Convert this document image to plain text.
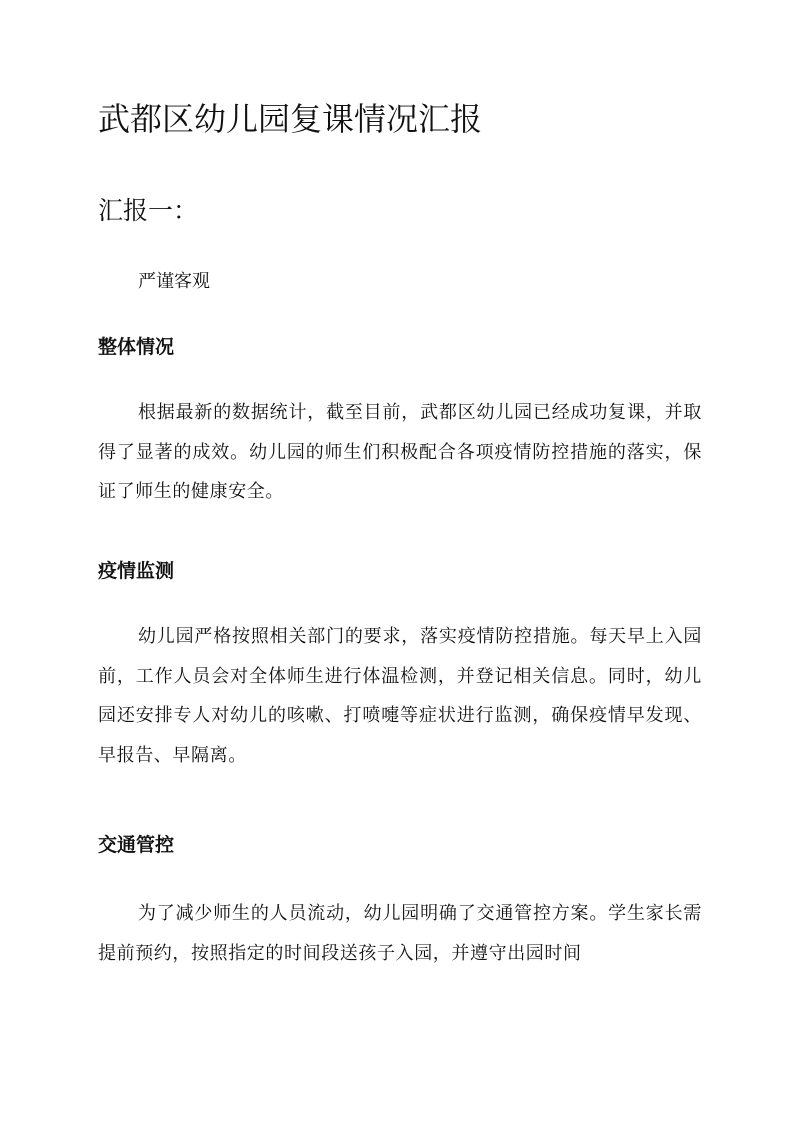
武都区幼儿园复课情况汇报
汇报一：

严谨客观

整体情况

根据最新的数据统计，截至目前，武都区幼儿园已经成功复课，并取得了显著的成效。幼儿园的师生们积极配合各项疫情防控措施的落实，保证了师生的健康安全。

疫情监测

幼儿园严格按照相关部门的要求，落实疫情防控措施。每天早上入园前，工作人员会对全体师生进行体温检测，并登记相关信息。同时，幼儿园还安排专人对幼儿的咳嗽、打喷嚏等症状进行监测，确保疫情早发现、早报告、早隔离。

交通管控

为了减少师生的人员流动，幼儿园明确了交通管控方案。学生家长需提前预约，按照指定的时间段送孩子入园，并遵守出园时间
